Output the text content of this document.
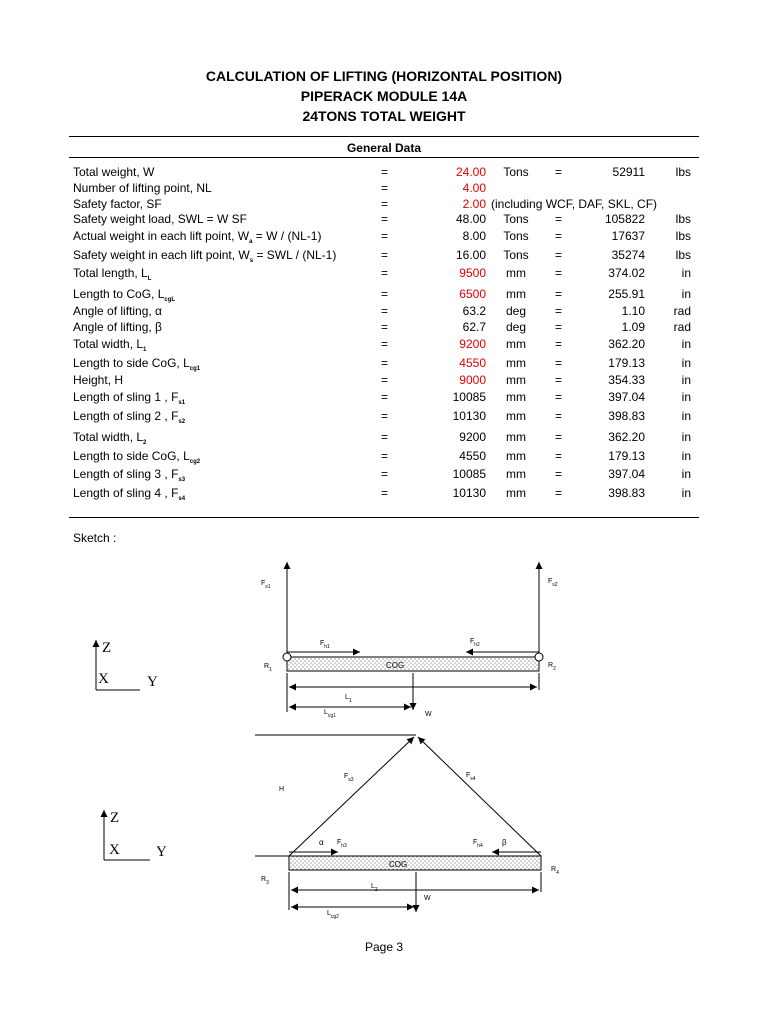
CALCULATION OF LIFTING (HORIZONTAL POSITION)
PIPERACK MODULE 14A
24TONS TOTAL WEIGHT
General Data
Total weight, W	=	24.00	Tons	=	52911	lbs
Number of lifting point, NL	=	4.00
Safety factor, SF	=	2.00 (including WCF, DAF, SKL, CF)
Safety weight load, SWL = W SF	=	48.00	Tons	=	105822	lbs
Actual weight in each lift point, $W_a = W / (NL-1)$	=	8.00	Tons	=	17637	lbs
Safety weight in each lift point, $W_s$ = SWL / (NL-1)	=	16.00	Tons	=	35274	lbs
Total length, $L_L$	=	9500	mm	=	374.02	in
Length to CoG, $L_{cgL}$	=	6500	mm	=	255.91	in
Angle of lifting, α	=	63.2	deg	=	1.10	rad
Angle of lifting, β	=	62.7	deg	=	1.09	rad
Total width, $L_1$	=	9200	mm	=	362.20	in
Length to side CoG, $L_{cg1}$	=	4550	mm	=	179.13	in
Height, H	=	9000	mm	=	354.33	in
Length of sling 1 , $F_{s1}$	=	10085	mm	=	397.04	in
Length of sling 2 , $F_{s2}$	=	10130	mm	=	398.83	in
Total width, $L_2$	=	9200	mm	=	362.20	in
Length to side CoG, $L_{cg2}$	=	4550	mm	=	179.13	in
Length of sling 3 , $F_{s3}$	=	10085	mm	=	397.04	in
Length of sling 4 , $F_{s4}$	=	10130	mm	=	398.83	in
Sketch :
Z
X	Y
Z
X Y
COG
$F_{s1}$
$F_{s2}$
$F_{h1}$
$F_{h2}$
$R_1$
$R_2$
$L_1$
$L_{cg1}$	W
COG
H
$F_{s3}$
$F_{s4}$
α $F_{h3}$	$F_{h4}$ β
$R_3$
$R_4$
$L_2$
$L_{cg2}$
W
Page 3
